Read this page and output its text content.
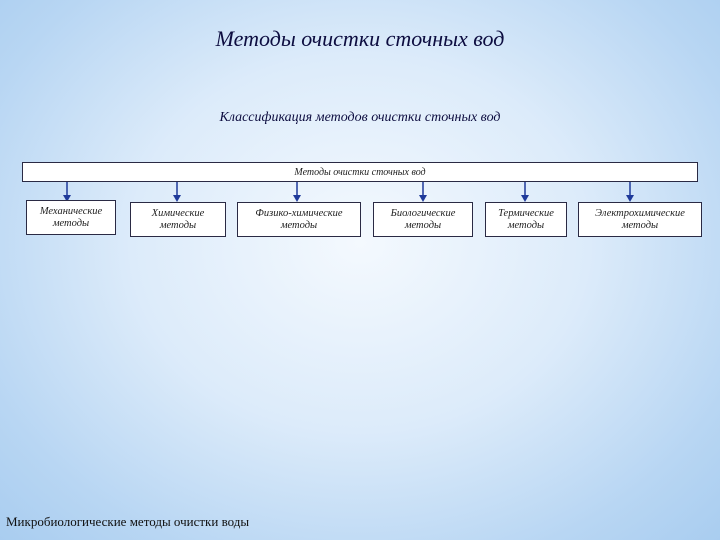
Методы очистки сточных вод
Классификация методов очистки сточных вод
Методы очистки сточных вод
Механические методы
Химические методы
Физико-химические методы
Биологические методы
Термические методы
Электрохимические методы
Микробиологические методы очистки воды
